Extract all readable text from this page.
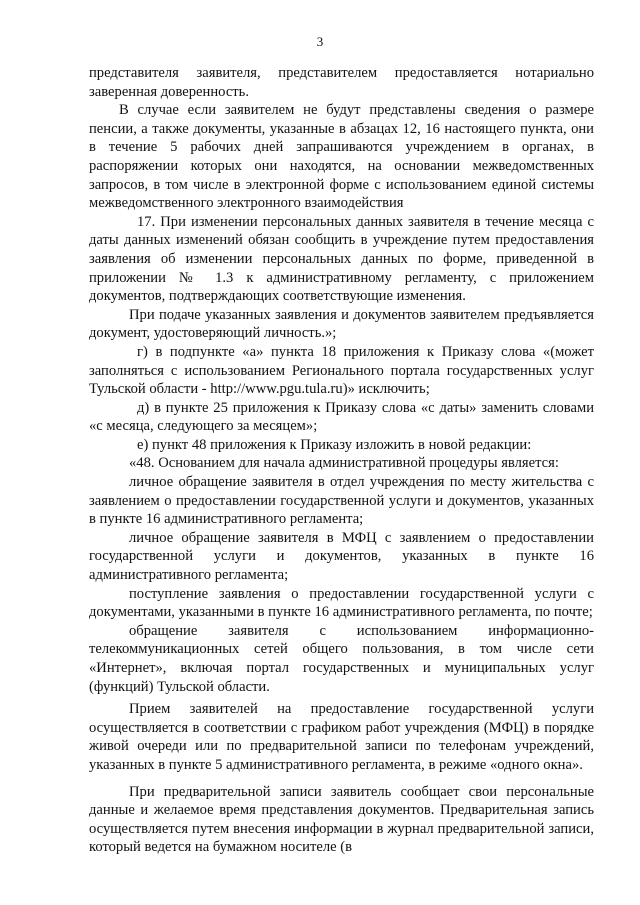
3

представителя заявителя, представителем предоставляется нотариально заверенная доверенность.

В случае если заявителем не будут представлены сведения о размере пенсии, а также документы, указанные в абзацах 12, 16 настоящего пункта, они в течение 5 рабочих дней запрашиваются учреждением в органах, в распоряжении которых они находятся, на основании межведомственных запросов, в том числе в электронной форме с использованием единой системы межведомственного электронного взаимодействия

17. При изменении персональных данных заявителя в течение месяца с даты данных изменений обязан сообщить в учреждение путем предоставления заявления об изменении персональных данных по форме, приведенной в приложении № 1.3 к административному регламенту, с приложением документов, подтверждающих соответствующие изменения.

При подаче указанных заявления и документов заявителем предъявляется документ, удостоверяющий личность.»;

г) в подпункте «а» пункта 18 приложения к Приказу слова «(может заполняться с использованием Регионального портала государственных услуг Тульской области - http://www.pgu.tula.ru)» исключить;

д) в пункте 25 приложения к Приказу слова «с даты» заменить словами «с месяца, следующего за месяцем»;

е) пункт 48 приложения к Приказу изложить в новой редакции:

«48. Основанием для начала административной процедуры является:

личное обращение заявителя в отдел учреждения по месту жительства с заявлением о предоставлении государственной услуги и документов, указанных в пункте 16 административного регламента;

личное обращение заявителя в МФЦ с заявлением о предоставлении государственной услуги и документов, указанных в пункте 16 административного регламента;

поступление заявления о предоставлении государственной услуги с документами, указанными в пункте 16 административного регламента, по почте;

обращение заявителя с использованием информационно-телекоммуникационных сетей общего пользования, в том числе сети «Интернет», включая портал государственных и муниципальных услуг (функций) Тульской области.

Прием заявителей на предоставление государственной услуги осуществляется в соответствии с графиком работ учреждения (МФЦ) в порядке живой очереди или по предварительной записи по телефонам учреждений, указанных в пункте 5 административного регламента, в режиме «одного окна».

При предварительной записи заявитель сообщает свои персональные данные и желаемое время представления документов. Предварительная запись осуществляется путем внесения информации в журнал предварительной записи, который ведется на бумажном носителе (в
